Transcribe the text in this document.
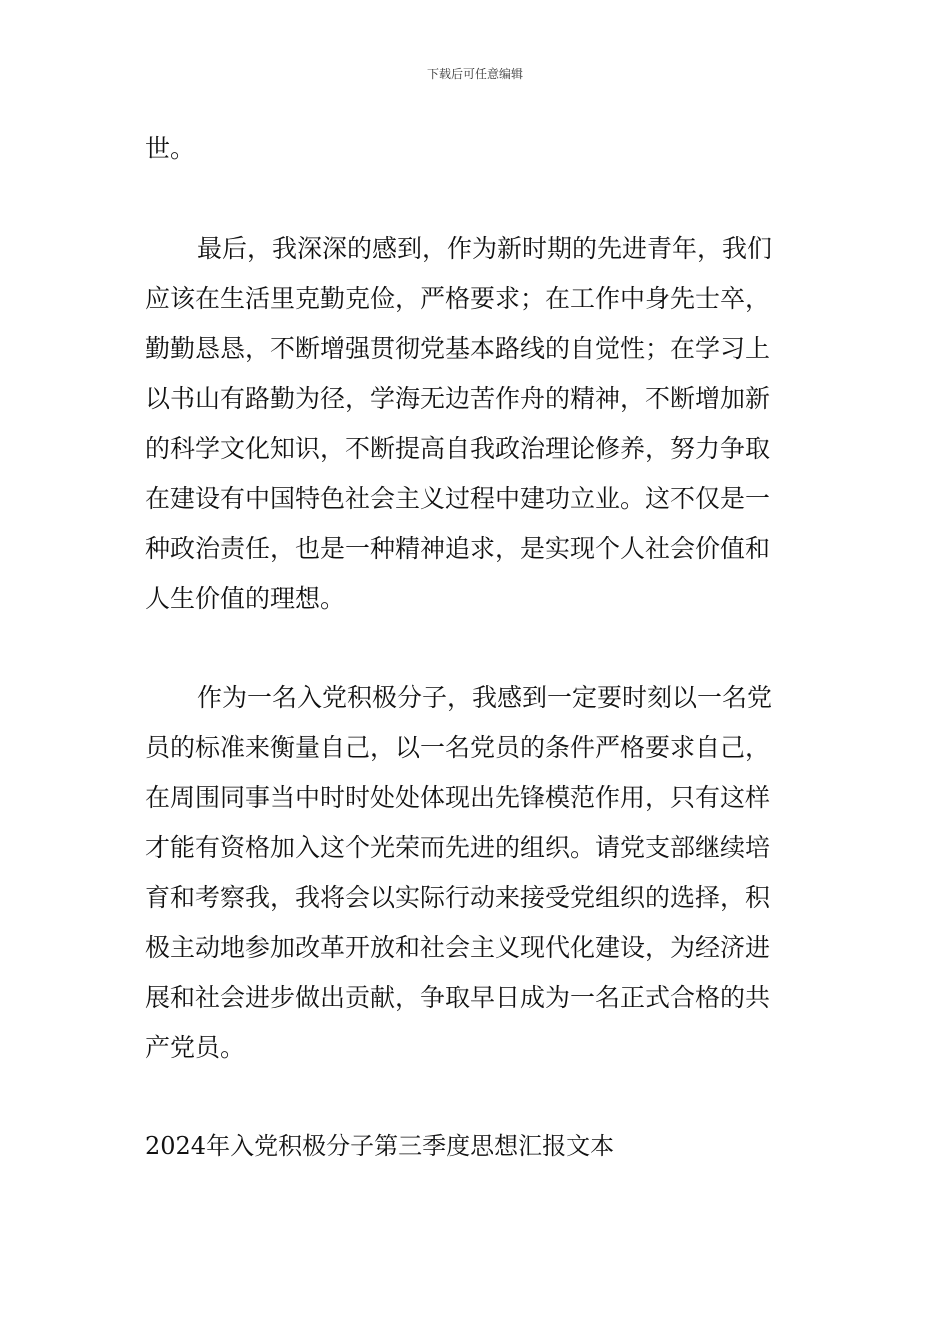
下载后可任意编辑
世。
最后，我深深的感到，作为新时期的先进青年，我们
应该在生活里克勤克俭，严格要求；在工作中身先士卒，
勤勤恳恳，不断增强贯彻党基本路线的自觉性；在学习上
以书山有路勤为径，学海无边苦作舟的精神，不断增加新
的科学文化知识，不断提高自我政治理论修养，努力争取
在建设有中国特色社会主义过程中建功立业。这不仅是一
种政治责任，也是一种精神追求，是实现个人社会价值和
人生价值的理想。
作为一名入党积极分子，我感到一定要时刻以一名党
员的标准来衡量自己，以一名党员的条件严格要求自己，
在周围同事当中时时处处体现出先锋模范作用，只有这样
才能有资格加入这个光荣而先进的组织。请党支部继续培
育和考察我，我将会以实际行动来接受党组织的选择，积
极主动地参加改革开放和社会主义现代化建设，为经济进
展和社会进步做出贡献，争取早日成为一名正式合格的共
产党员。
2024年入党积极分子第三季度思想汇报文本
